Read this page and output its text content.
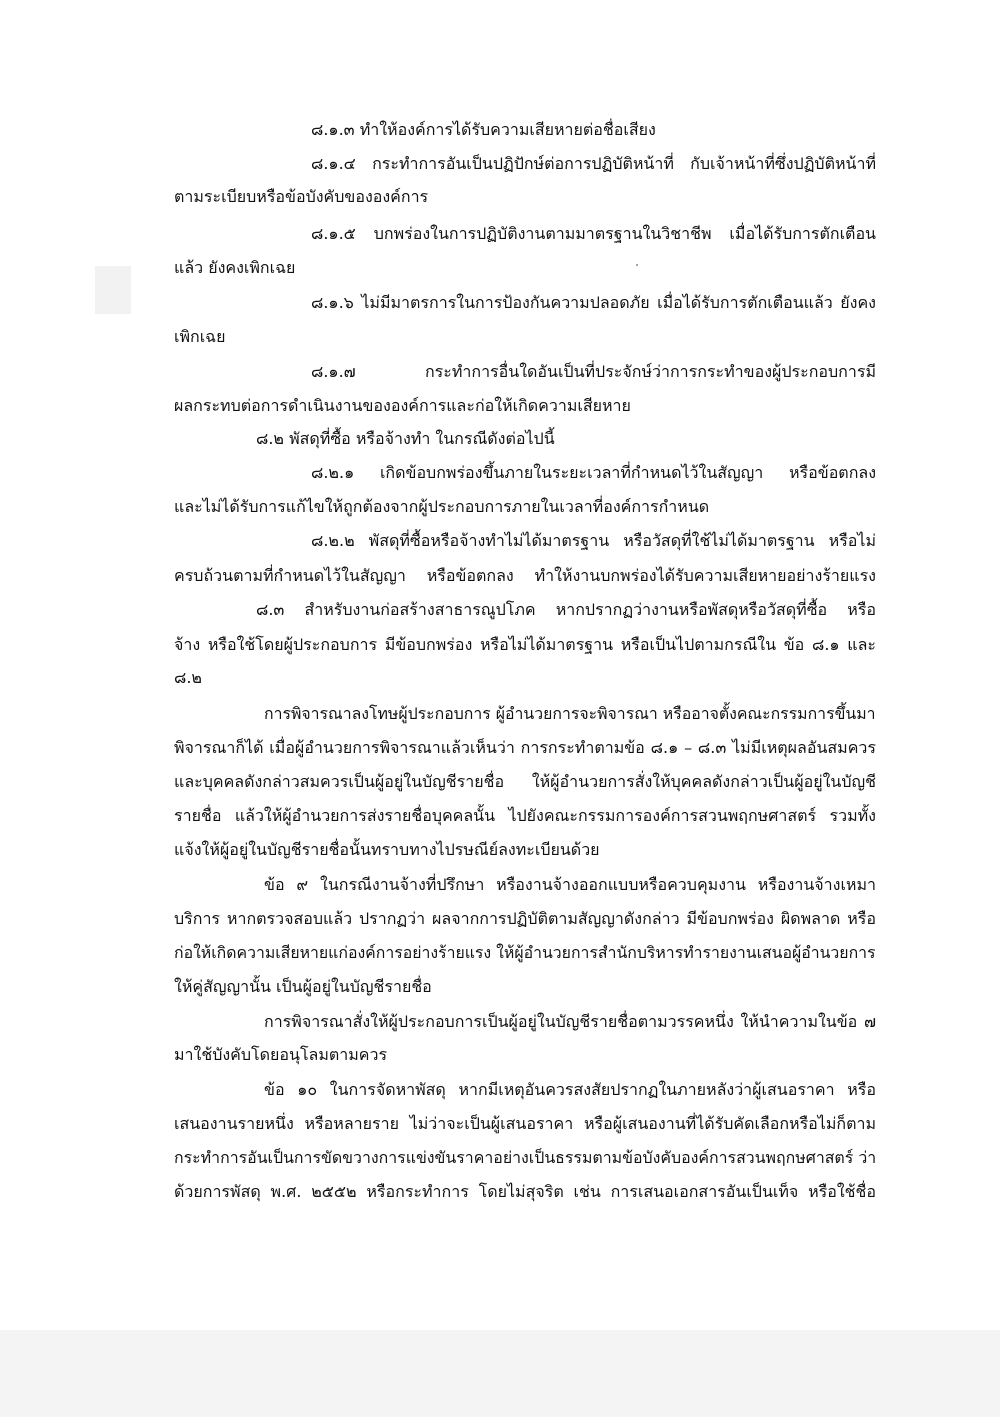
๘.๑.๓ ทำให้องค์การได้รับความเสียหายต่อชื่อเสียง
๘.๑.๔ กระทำการอันเป็นปฏิปักษ์ต่อการปฏิบัติหน้าที่ กับเจ้าหน้าที่ซึ่งปฏิบัติหน้าที่
ตามระเบียบหรือข้อบังคับขององค์การ
๘.๑.๕ บกพร่องในการปฏิบัติงานตามมาตรฐานในวิชาชีพ เมื่อได้รับการตักเตือน
แล้ว ยังคงเพิกเฉย
๘.๑.๖ ไม่มีมาตรการในการป้องกันความปลอดภัย เมื่อได้รับการตักเตือนแล้ว ยังคง
เพิกเฉย
๘.๑.๗ กระทำการอื่นใดอันเป็นที่ประจักษ์ว่าการกระทำของผู้ประกอบการมี
ผลกระทบต่อการดำเนินงานขององค์การและก่อให้เกิดความเสียหาย
๘.๒ พัสดุที่ซื้อ หรือจ้างทำ ในกรณีดังต่อไปนี้
๘.๒.๑ เกิดข้อบกพร่องขึ้นภายในระยะเวลาที่กำหนดไว้ในสัญญา หรือข้อตกลง
และไม่ได้รับการแก้ไขให้ถูกต้องจากผู้ประกอบการภายในเวลาที่องค์การกำหนด
๘.๒.๒ พัสดุที่ซื้อหรือจ้างทำไม่ได้มาตรฐาน หรือวัสดุที่ใช้ไม่ได้มาตรฐาน หรือไม่
ครบถ้วนตามที่กำหนดไว้ในสัญญา หรือข้อตกลง ทำให้งานบกพร่องได้รับความเสียหายอย่างร้ายแรง
๘.๓ สำหรับงานก่อสร้างสาธารณูปโภค หากปรากฏว่างานหรือพัสดุหรือวัสดุที่ซื้อ หรือ
จ้าง หรือใช้โดยผู้ประกอบการ มีข้อบกพร่อง หรือไม่ได้มาตรฐาน หรือเป็นไปตามกรณีใน ข้อ ๘.๑ และ
๘.๒
การพิจารณาลงโทษผู้ประกอบการ ผู้อำนวยการจะพิจารณา หรืออาจตั้งคณะกรรมการขึ้นมา
พิจารณาก็ได้ เมื่อผู้อำนวยการพิจารณาแล้วเห็นว่า การกระทำตามข้อ ๘.๑ – ๘.๓ ไม่มีเหตุผลอันสมควร
และบุคคลดังกล่าวสมควรเป็นผู้อยู่ในบัญชีรายชื่อ ให้ผู้อำนวยการสั่งให้บุคคลดังกล่าวเป็นผู้อยู่ในบัญชี
รายชื่อ แล้วให้ผู้อำนวยการส่งรายชื่อบุคคลนั้น ไปยังคณะกรรมการองค์การสวนพฤกษศาสตร์ รวมทั้ง
แจ้งให้ผู้อยู่ในบัญชีรายชื่อนั้นทราบทางไปรษณีย์ลงทะเบียนด้วย
ข้อ ๙ ในกรณีงานจ้างที่ปรึกษา หรืองานจ้างออกแบบหรือควบคุมงาน หรืองานจ้างเหมา
บริการ หากตรวจสอบแล้ว ปรากฏว่า ผลจากการปฏิบัติตามสัญญาดังกล่าว มีข้อบกพร่อง ผิดพลาด หรือ
ก่อให้เกิดความเสียหายแก่องค์การอย่างร้ายแรง ให้ผู้อำนวยการสำนักบริหารทำรายงานเสนอผู้อำนวยการ
ให้คู่สัญญานั้น เป็นผู้อยู่ในบัญชีรายชื่อ
การพิจารณาสั่งให้ผู้ประกอบการเป็นผู้อยู่ในบัญชีรายชื่อตามวรรคหนึ่ง ให้นำความในข้อ ๗
มาใช้บังคับโดยอนุโลมตามควร
ข้อ ๑๐ ในการจัดหาพัสดุ หากมีเหตุอันควรสงสัยปรากฏในภายหลังว่าผู้เสนอราคา หรือ
เสนองานรายหนึ่ง หรือหลายราย ไม่ว่าจะเป็นผู้เสนอราคา หรือผู้เสนองานที่ได้รับคัดเลือกหรือไม่ก็ตาม
กระทำการอันเป็นการขัดขวางการแข่งขันราคาอย่างเป็นธรรมตามข้อบังคับองค์การสวนพฤกษศาสตร์ ว่า
ด้วยการพัสดุ พ.ศ. ๒๕๕๒ หรือกระทำการ โดยไม่สุจริต เช่น การเสนอเอกสารอันเป็นเท็จ หรือใช้ชื่อ
